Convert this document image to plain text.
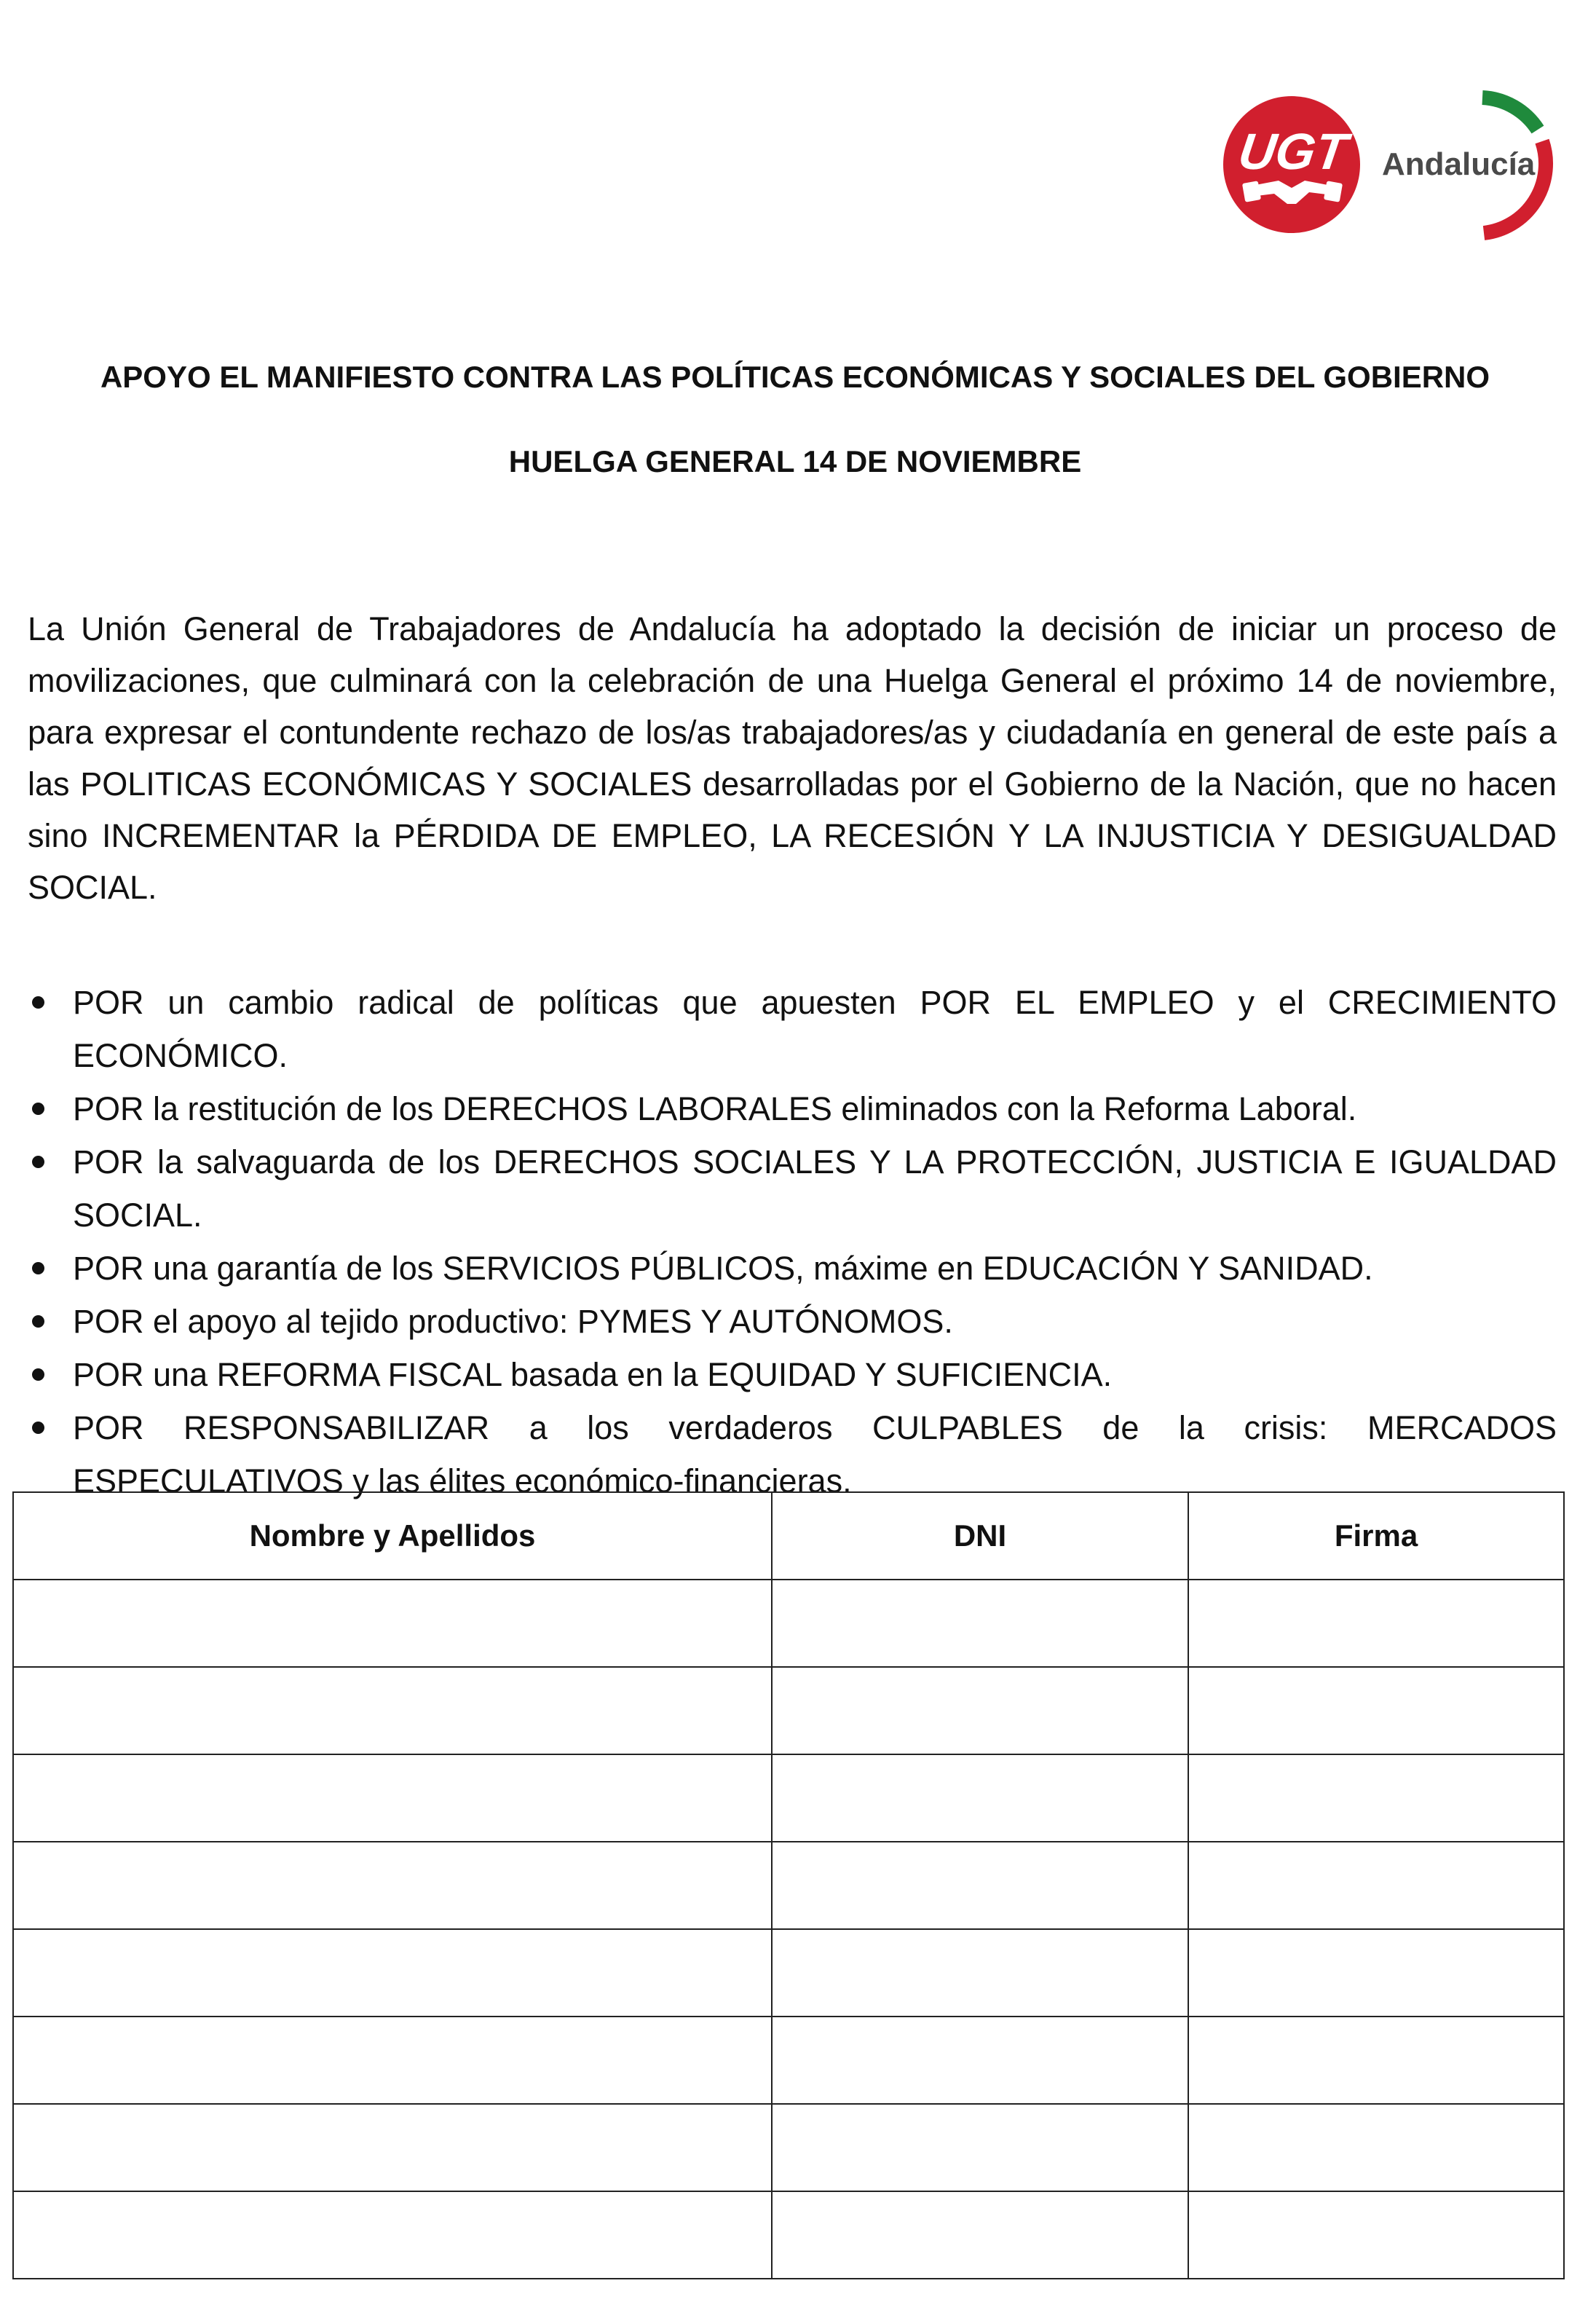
UGT Andalucía
APOYO EL MANIFIESTO CONTRA LAS POLÍTICAS ECONÓMICAS Y SOCIALES DEL GOBIERNO
HUELGA GENERAL 14 DE NOVIEMBRE

La Unión General de Trabajadores de Andalucía ha adoptado la decisión de iniciar un proceso de movilizaciones, que culminará con la celebración de una Huelga General el próximo 14 de noviembre, para expresar el contundente rechazo de los/as trabajadores/as y ciudadanía en general de este país a las POLITICAS ECONÓMICAS Y SOCIALES desarrolladas por el Gobierno de la Nación, que no hacen sino INCREMENTAR la PÉRDIDA DE EMPLEO, LA RECESIÓN Y LA INJUSTICIA Y DESIGUALDAD SOCIAL.

POR un cambio radical de políticas que apuesten POR EL EMPLEO y el CRECIMIENTO ECONÓMICO.
POR la restitución de los DERECHOS LABORALES eliminados con la Reforma Laboral.
POR la salvaguarda de los DERECHOS SOCIALES Y LA PROTECCIÓN, JUSTICIA E IGUALDAD SOCIAL.
POR una garantía de los SERVICIOS PÚBLICOS, máxime en EDUCACIÓN Y SANIDAD.
POR el apoyo al tejido productivo: PYMES Y AUTÓNOMOS.
POR una REFORMA FISCAL basada en la EQUIDAD Y SUFICIENCIA.
POR RESPONSABILIZAR a los verdaderos CULPABLES de la crisis: MERCADOS ESPECULATIVOS y las élites económico-financieras.
Nombre y Apellidos	DNI	Firma
